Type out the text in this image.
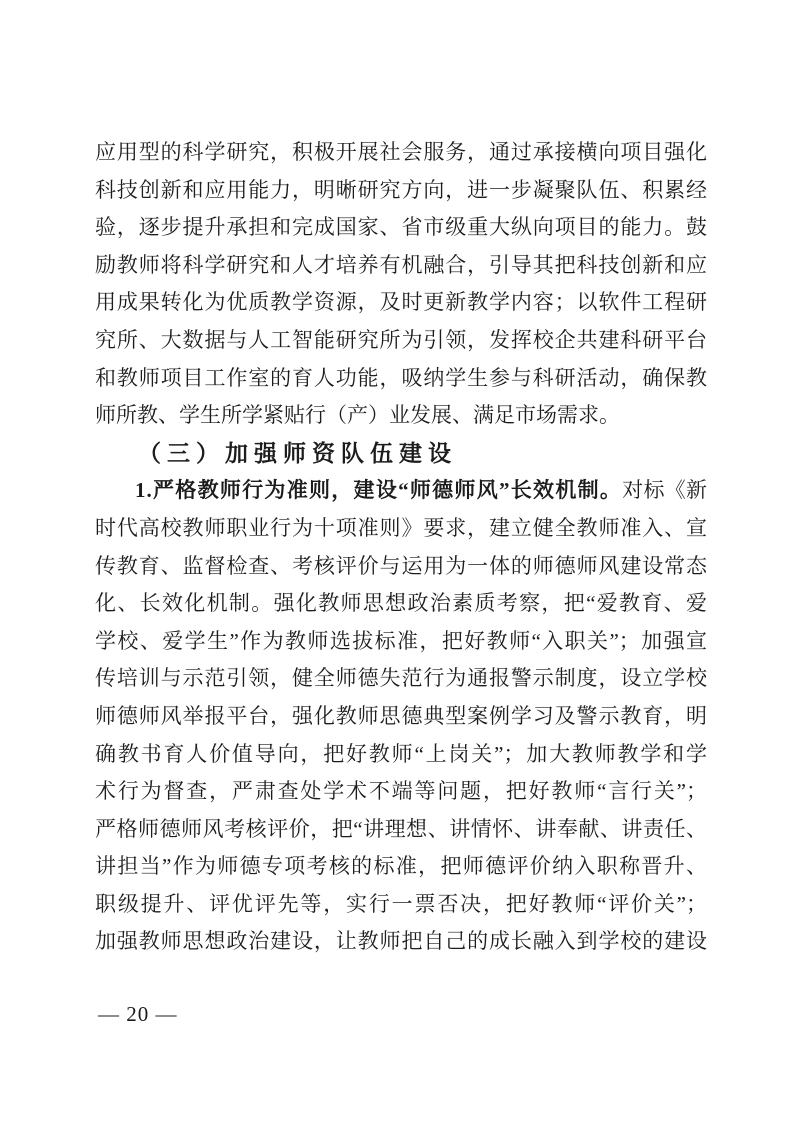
应用型的科学研究，积极开展社会服务，通过承接横向项目强化
科技创新和应用能力，明晰研究方向，进一步凝聚队伍、积累经
验，逐步提升承担和完成国家、省市级重大纵向项目的能力。鼓
励教师将科学研究和人才培养有机融合，引导其把科技创新和应
用成果转化为优质教学资源，及时更新教学内容；以软件工程研
究所、大数据与人工智能研究所为引领，发挥校企共建科研平台
和教师项目工作室的育人功能，吸纳学生参与科研活动，确保教
师所教、学生所学紧贴行（产）业发展、满足市场需求。
（三）加强师资队伍建设
1.严格教师行为准则，建设“师德师风”长效机制。对标《新
时代高校教师职业行为十项准则》要求，建立健全教师准入、宣
传教育、监督检查、考核评价与运用为一体的师德师风建设常态
化、长效化机制。强化教师思想政治素质考察，把“爱教育、爱
学校、爱学生”作为教师选拔标准，把好教师“入职关”；加强宣
传培训与示范引领，健全师德失范行为通报警示制度，设立学校
师德师风举报平台，强化教师思德典型案例学习及警示教育，明
确教书育人价值导向，把好教师“上岗关”；加大教师教学和学
术行为督查，严肃查处学术不端等问题，把好教师“言行关”；
严格师德师风考核评价，把“讲理想、讲情怀、讲奉献、讲责任、
讲担当”作为师德专项考核的标准，把师德评价纳入职称晋升、
职级提升、评优评先等，实行一票否决，把好教师“评价关”；
加强教师思想政治建设，让教师把自己的成长融入到学校的建设
— 20 —
